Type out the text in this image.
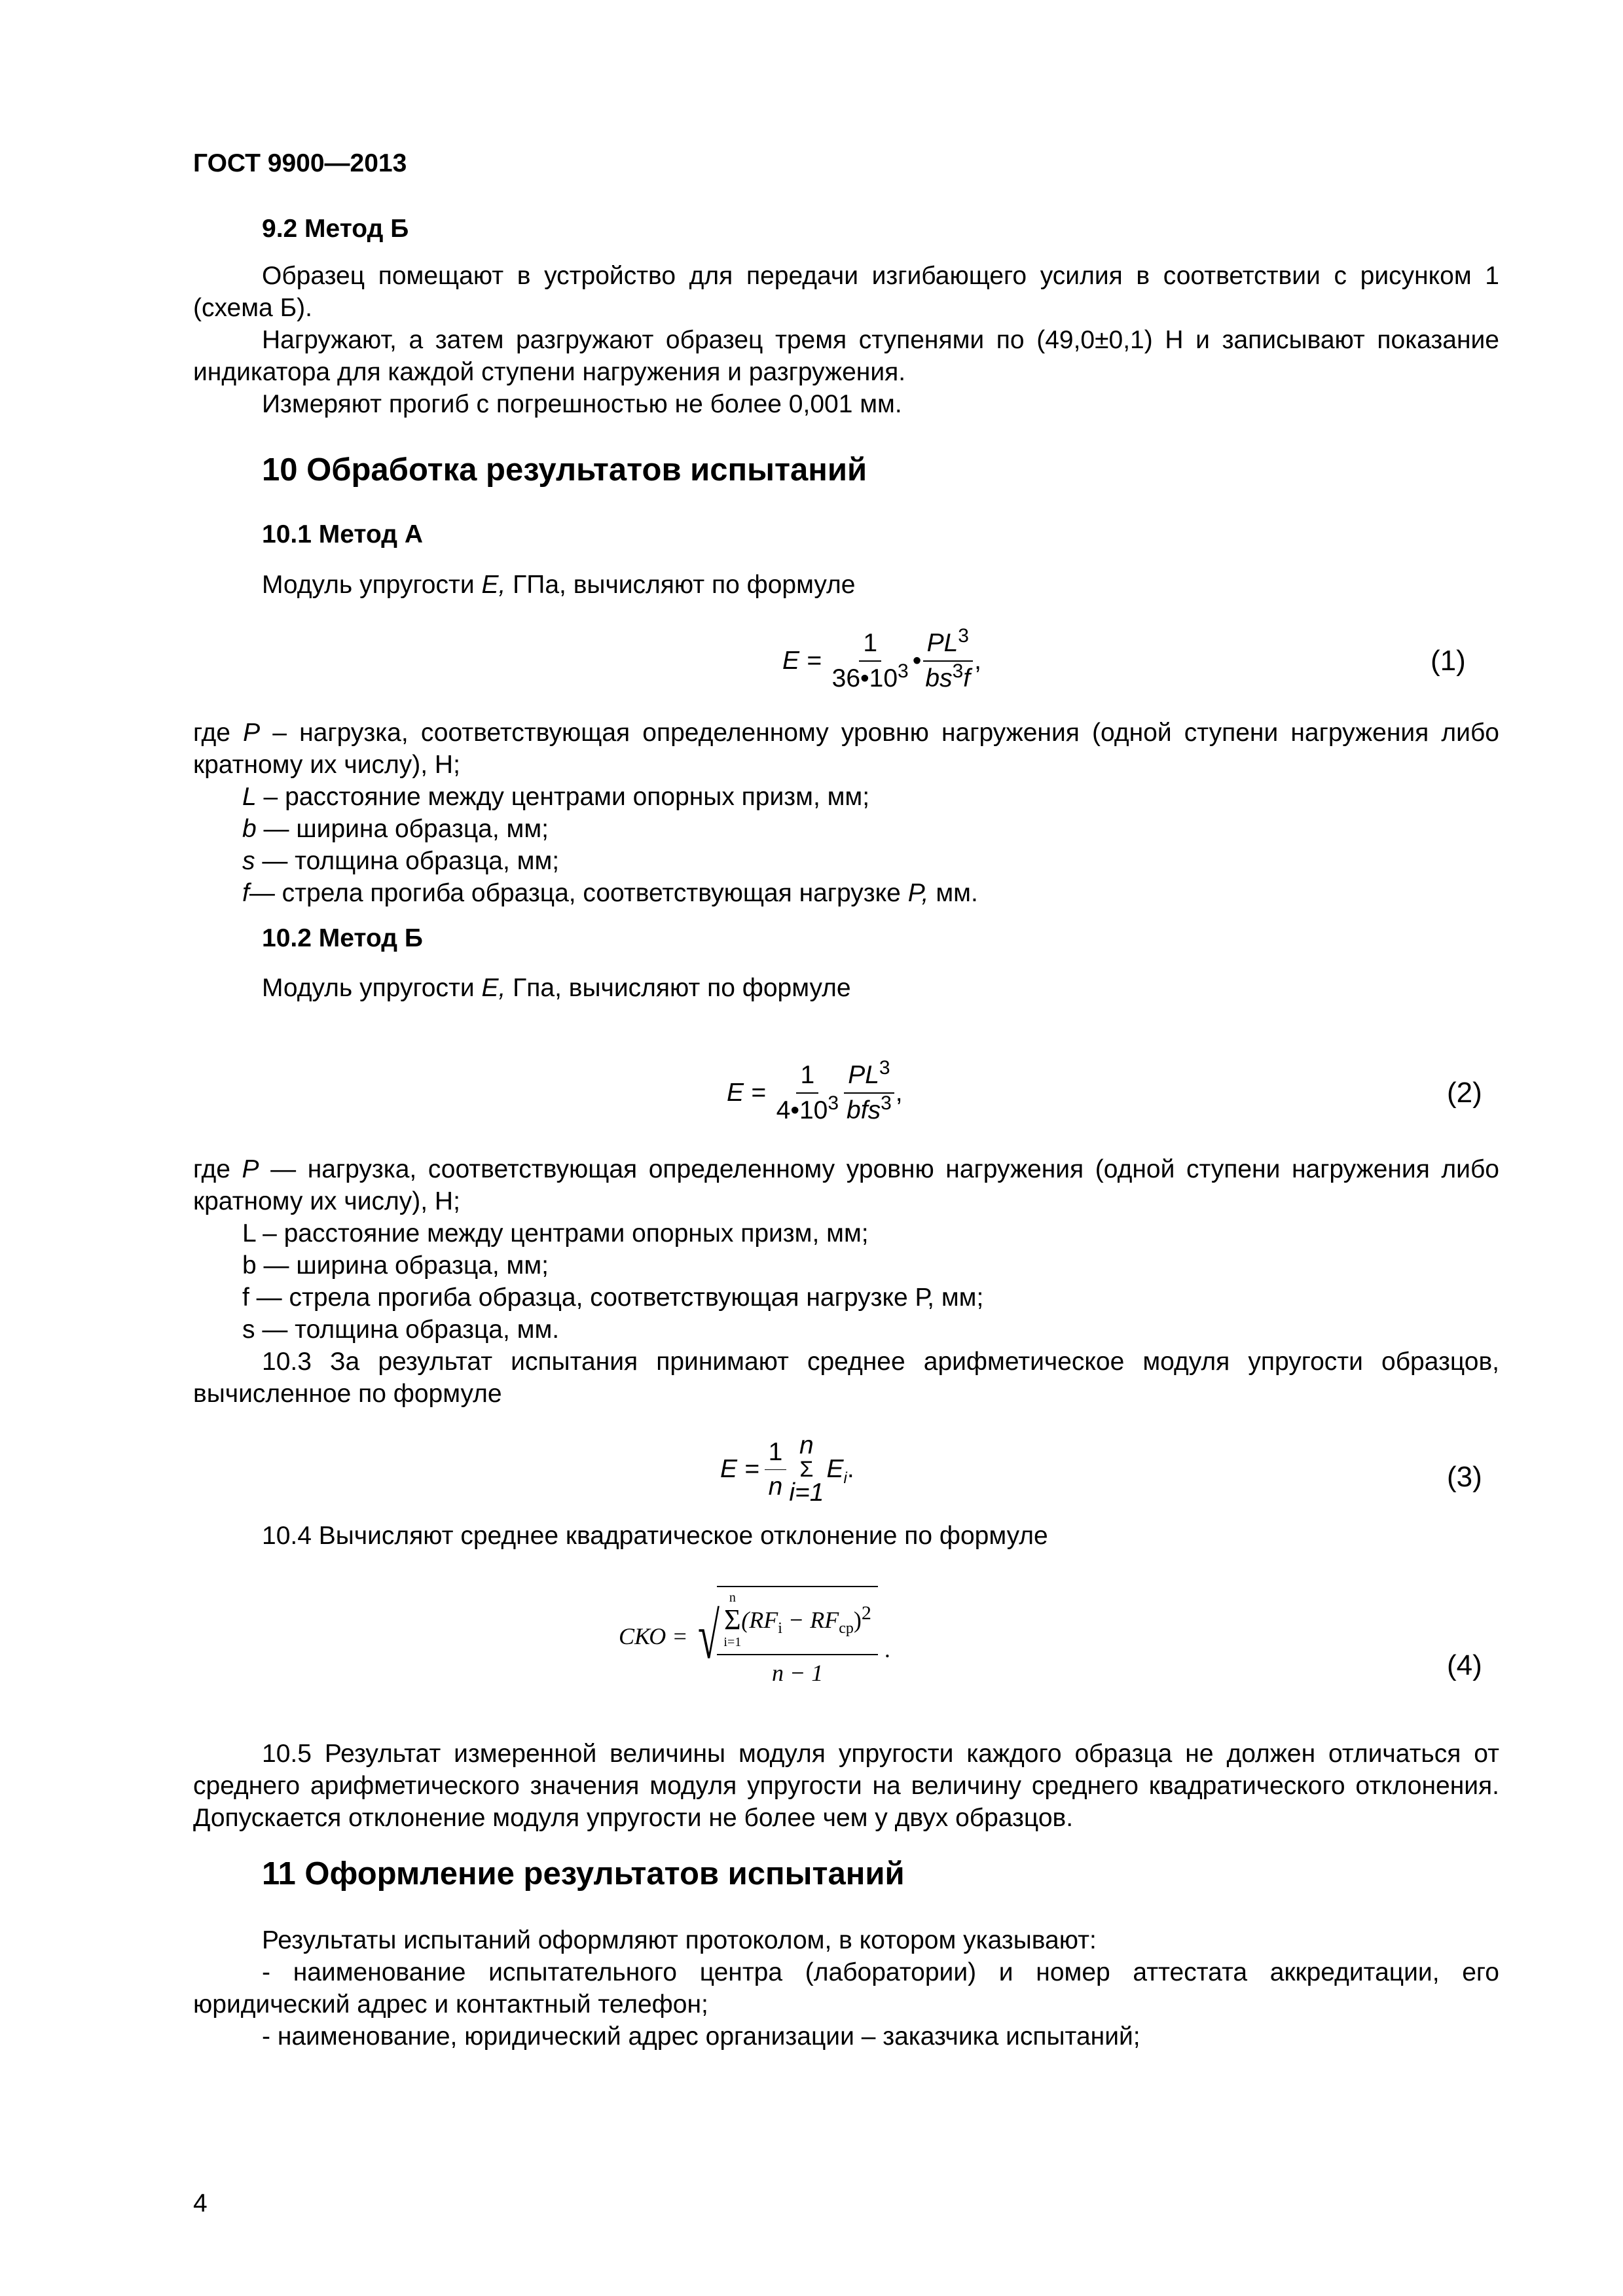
ГОСТ 9900—2013
9.2 Метод Б

Образец помещают в устройство для передачи изгибающего усилия в соответствии с рисунком 1 (схема Б).

Нагружают, а затем разгружают образец тремя ступенями по (49,0±0,1) Н и записывают показание индикатора для каждой ступени нагружения и разгружения.

Измеряют прогиб с погрешностью не более 0,001 мм.

10 Обработка результатов испытаний
10.1 Метод А
Модуль упругости E, ГПа, вычисляют по формуле
$E = \frac{1}{36•10^3}$ • $\frac{PL^3}{bs^3f}$ ,	(1)

где P – нагрузка, соответствующая определенному уровню нагружения (одной ступени нагружения либо кратному их числу), Н;

L – расстояние между центрами опорных призм, мм;

b — ширина образца, мм;

s — толщина образца, мм;

f— стрела прогиба образца, соответствующая нагрузке P, мм.

10.2 Метод Б
Модуль упругости E, Гпа, вычисляют по формуле
$E = \frac{1}{4•10^3} \frac{PL^3}{bfs^3}$ ,	(2)

где P — нагрузка, соответствующая определенному уровню нагружения (одной ступени нагружения либо кратному их числу), Н;

L – расстояние между центрами опорных призм, мм;

b — ширина образца, мм;

f — стрела прогиба образца, соответствующая нагрузке Р, мм;

s — толщина образца, мм.

10.3 За результат испытания принимают среднее арифметическое модуля упругости образцов, вычисленное по формуле

$E = \frac{1}{n}$ n
Σ
i=1
E $_i$ .	(3)
10.4 Вычисляют среднее квадратическое отклонение по формуле
СКО = √
n
Σ
i=1
$(RF_i - RF_{ср})^2$
n − 1
.	(4)

10.5 Результат измеренной величины модуля упругости каждого образца не должен отличаться от среднего арифметического значения модуля упругости на величину среднего квадратического отклонения. Допускается отклонение модуля упругости не более чем у двух образцов.

11 Оформление результатов испытаний

Результаты испытаний оформляют протоколом, в котором указывают:

- наименование испытательного центра (лаборатории) и номер аттестата аккредитации, его юридический адрес и контактный телефон;

- наименование, юридический адрес организации – заказчика испытаний;

4
